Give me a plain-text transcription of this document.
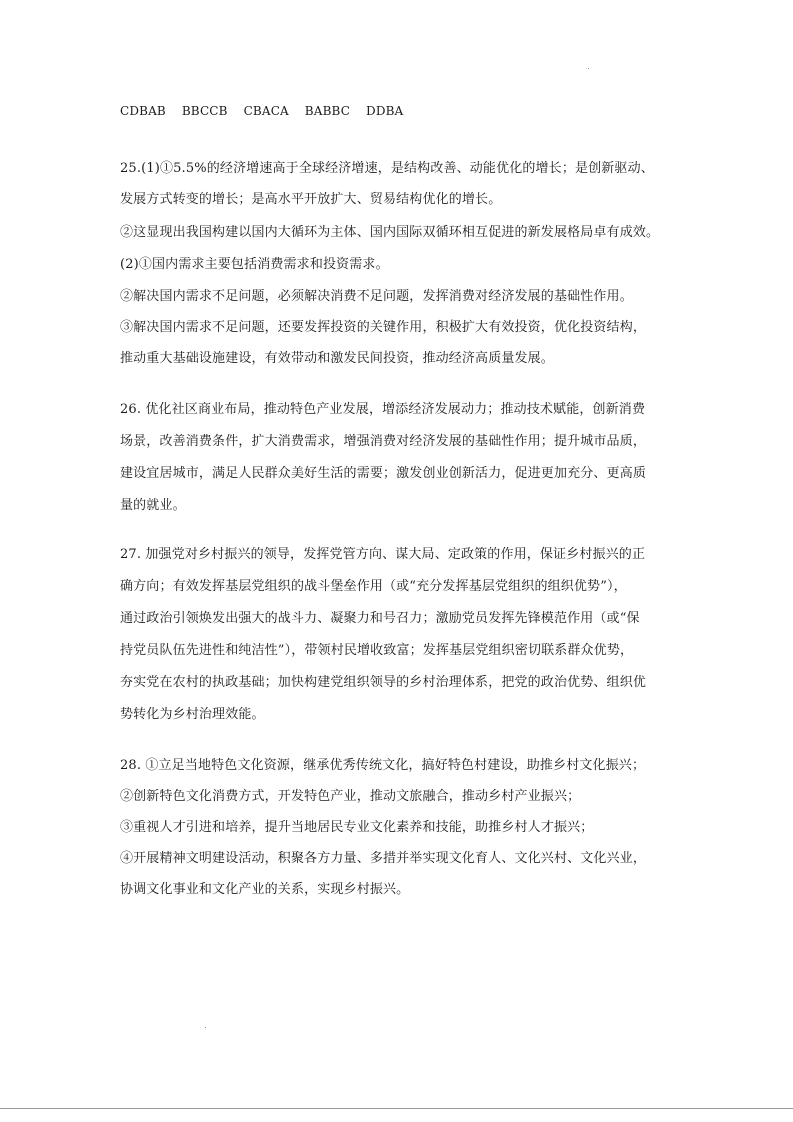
CDBAB BBCCB CBACA BABBC DDBA
25.(1)①5.5%的经济增速高于全球经济增速，是结构改善、动能优化的增长；是创新驱动、
发展方式转变的增长；是高水平开放扩大、贸易结构优化的增长。
②这显现出我国构建以国内大循环为主体、国内国际双循环相互促进的新发展格局卓有成效。
(2)①国内需求主要包括消费需求和投资需求。
②解决国内需求不足问题，必须解决消费不足问题，发挥消费对经济发展的基础性作用。
③解决国内需求不足问题，还要发挥投资的关键作用，积极扩大有效投资，优化投资结构，
推动重大基础设施建设，有效带动和激发民间投资，推动经济高质量发展。
26. 优化社区商业布局，推动特色产业发展，增添经济发展动力；推动技术赋能，创新消费
场景，改善消费条件，扩大消费需求，增强消费对经济发展的基础性作用；提升城市品质，
建设宜居城市，满足人民群众美好生活的需要；激发创业创新活力，促进更加充分、更高质
量的就业。
27. 加强党对乡村振兴的领导，发挥党管方向、谋大局、定政策的作用，保证乡村振兴的正
确方向；有效发挥基层党组织的战斗堡垒作用（或“充分发挥基层党组织的组织优势”），
通过政治引领焕发出强大的战斗力、凝聚力和号召力；激励党员发挥先锋模范作用（或“保
持党员队伍先进性和纯洁性”），带领村民增收致富；发挥基层党组织密切联系群众优势，
夯实党在农村的执政基础；加快构建党组织领导的乡村治理体系，把党的政治优势、组织优
势转化为乡村治理效能。
28. ①立足当地特色文化资源，继承优秀传统文化，搞好特色村建设，助推乡村文化振兴；
②创新特色文化消费方式，开发特色产业，推动文旅融合，推动乡村产业振兴；
③重视人才引进和培养，提升当地居民专业文化素养和技能，助推乡村人才振兴；
④开展精神文明建设活动，积聚各方力量、多措并举实现文化育人、文化兴村、文化兴业，
协调文化事业和文化产业的关系，实现乡村振兴。
